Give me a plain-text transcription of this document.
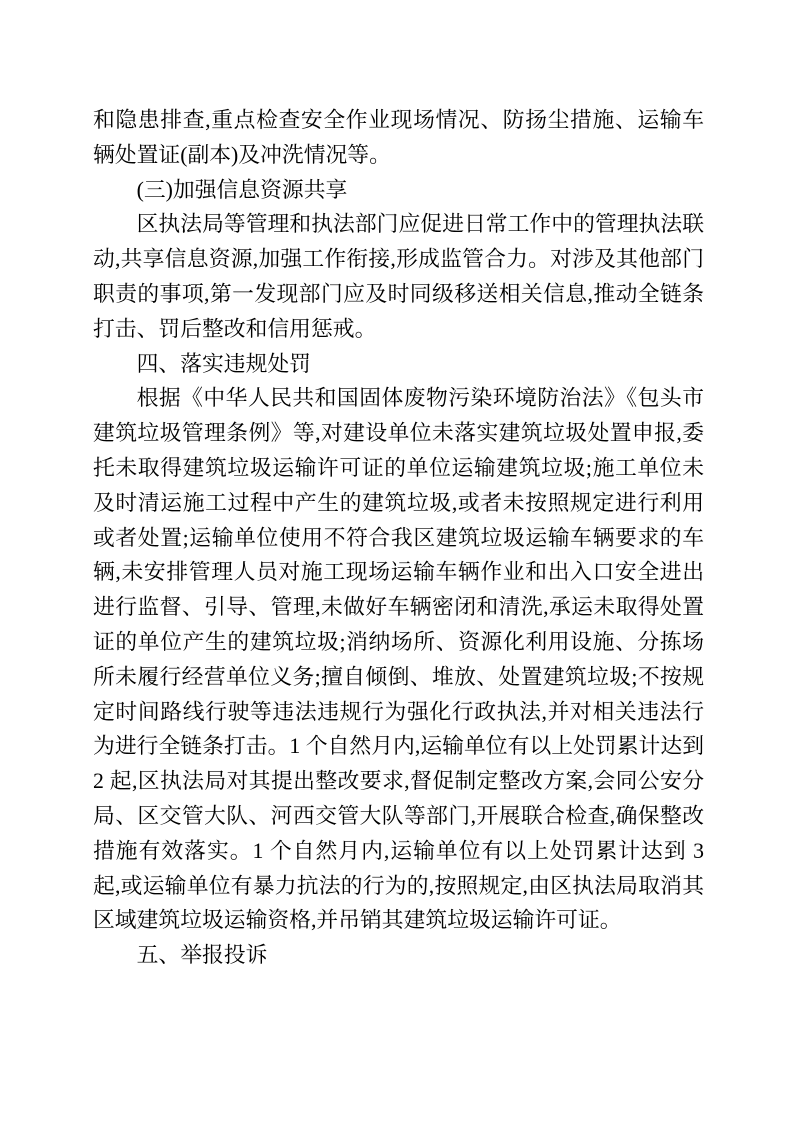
和隐患排查,重点检查安全作业现场情况、防扬尘措施、运输车辆处置证(副本)及冲洗情况等。

(三)加强信息资源共享

区执法局等管理和执法部门应促进日常工作中的管理执法联动,共享信息资源,加强工作衔接,形成监管合力。对涉及其他部门职责的事项,第一发现部门应及时同级移送相关信息,推动全链条打击、罚后整改和信用惩戒。

四、落实违规处罚

根据《中华人民共和国固体废物污染环境防治法》《包头市建筑垃圾管理条例》等,对建设单位未落实建筑垃圾处置申报,委托未取得建筑垃圾运输许可证的单位运输建筑垃圾;施工单位未及时清运施工过程中产生的建筑垃圾,或者未按照规定进行利用或者处置;运输单位使用不符合我区建筑垃圾运输车辆要求的车辆,未安排管理人员对施工现场运输车辆作业和出入口安全进出进行监督、引导、管理,未做好车辆密闭和清洗,承运未取得处置证的单位产生的建筑垃圾;消纳场所、资源化利用设施、分拣场所未履行经营单位义务;擅自倾倒、堆放、处置建筑垃圾;不按规定时间路线行驶等违法违规行为强化行政执法,并对相关违法行为进行全链条打击。1 个自然月内,运输单位有以上处罚累计达到 2 起,区执法局对其提出整改要求,督促制定整改方案,会同公安分局、区交管大队、河西交管大队等部门,开展联合检查,确保整改措施有效落实。1 个自然月内,运输单位有以上处罚累计达到 3 起,或运输单位有暴力抗法的行为的,按照规定,由区执法局取消其区域建筑垃圾运输资格,并吊销其建筑垃圾运输许可证。

五、举报投诉
